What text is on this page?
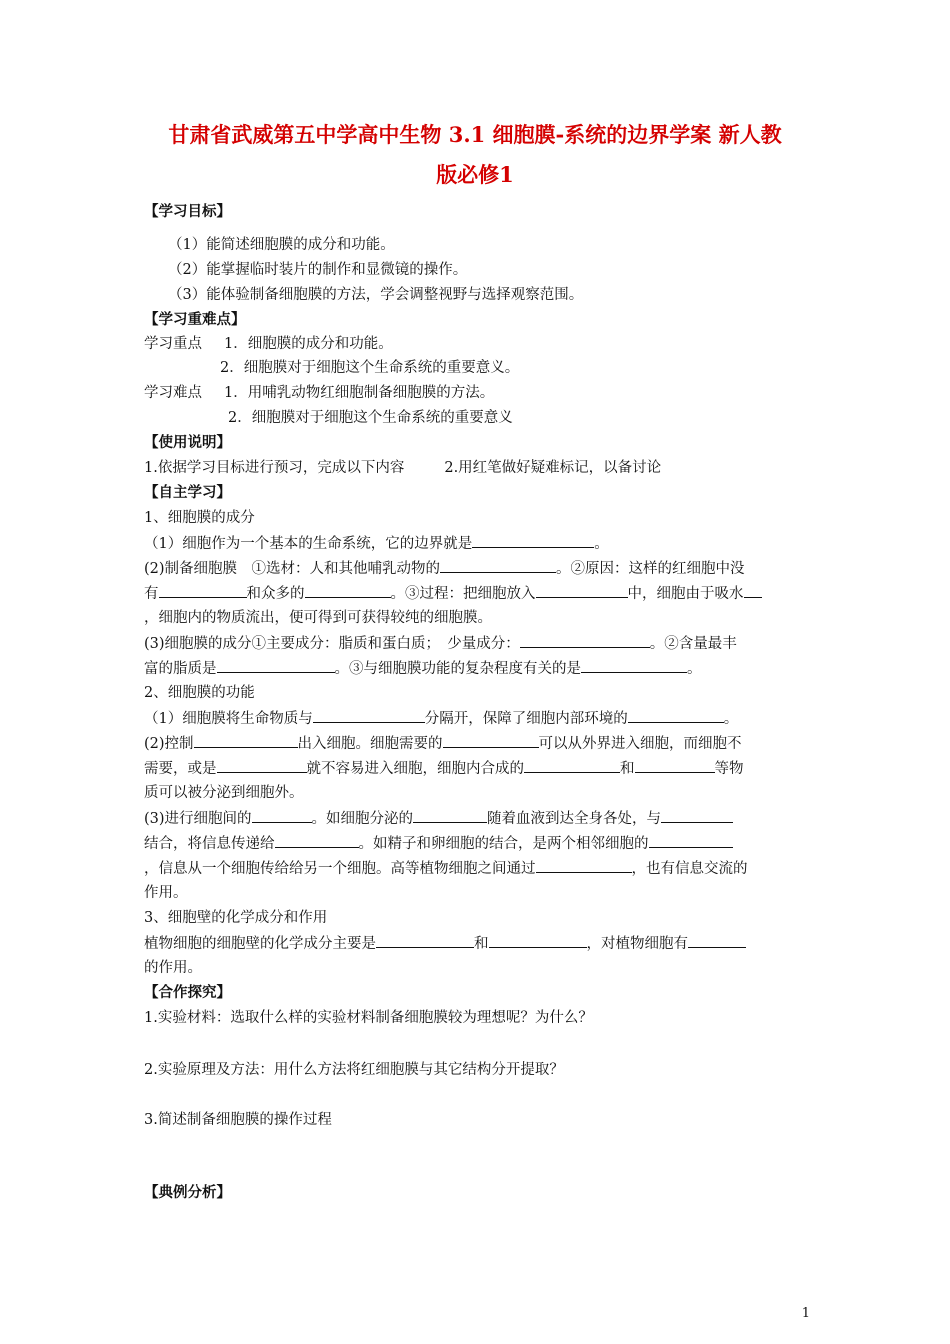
甘肃省武威第五中学高中生物 3.1 细胞膜-系统的边界学案 新人教
版必修1
【学习目标】
（1）能简述细胞膜的成分和功能。
（2）能掌握临时装片的制作和显微镜的操作。
（3）能体验制备细胞膜的方法，学会调整视野与选择观察范围。
【学习重难点】
学习重点 1．细胞膜的成分和功能。
2．细胞膜对于细胞这个生命系统的重要意义。
学习难点 1．用哺乳动物红细胞制备细胞膜的方法。
2．细胞膜对于细胞这个生命系统的重要意义
【使用说明】
1.依据学习目标进行预习，完成以下内容	2.用红笔做好疑难标记，以备讨论
【自主学习】
1、细胞膜的成分
（1）细胞作为一个基本的生命系统，它的边界就是	。
(2)制备细胞膜　①选材：人和其他哺乳动物的	。②原因：这样的红细胞中没
有	和众多的	。③过程：把细胞放入	中，细胞由于吸水
，细胞内的物质流出，便可得到可获得较纯的细胞膜。
(3)细胞膜的成分①主要成分：脂质和蛋白质；　少量成分：	。②含量最丰
富的脂质是	。③与细胞膜功能的复杂程度有关的是	。
2、细胞膜的功能
（1）细胞膜将生命物质与	分隔开，保障了细胞内部环境的	。
(2)控制	出入细胞。细胞需要的	可以从外界进入细胞，而细胞不
需要，或是	就不容易进入细胞，细胞内合成的	和	等物
质可以被分泌到细胞外。
(3)进行细胞间的	。如细胞分泌的	随着血液到达全身各处，与
结合，将信息传递给	。如精子和卵细胞的结合，是两个相邻细胞的
，信息从一个细胞传给给另一个细胞。高等植物细胞之间通过	，也有信息交流的
作用。
3、细胞壁的化学成分和作用
植物细胞的细胞壁的化学成分主要是	和	，对植物细胞有
的作用。
【合作探究】
1.实验材料：选取什么样的实验材料制备细胞膜较为理想呢？为什么？
2.实验原理及方法：用什么方法将红细胞膜与其它结构分开提取？
3.简述制备细胞膜的操作过程
【典例分析】
1
